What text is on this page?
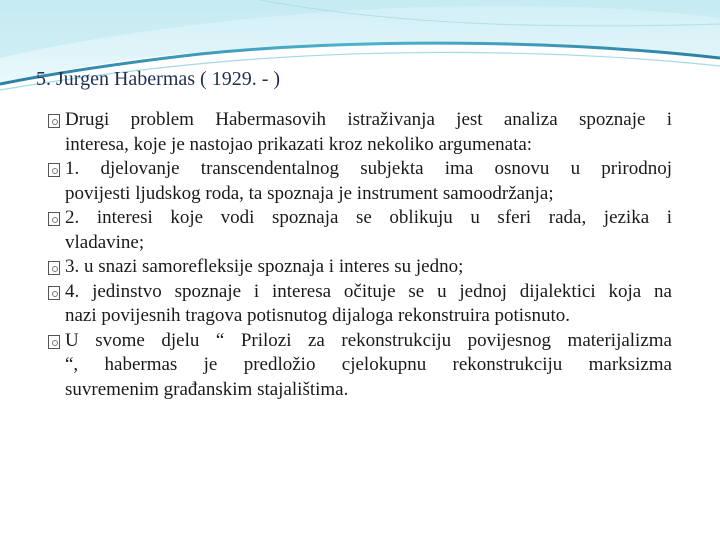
5. Jurgen Habermas ( 1929. - )

Drugi problem Habermasovih istraživanja jest analiza spoznaje i
interesa, koje je nastojao prikazati kroz nekoliko argumenata:

1. djelovanje transcendentalnog subjekta ima osnovu u prirodnoj
povijesti ljudskog roda, ta spoznaja je instrument samoodržanja;

2. interesi koje vodi spoznaja se oblikuju u sferi rada, jezika i
vladavine;

3. u snazi samorefleksije spoznaja i interes su jedno;

4. jedinstvo spoznaje i interesa očituje se u jednoj dijalektici koja na
nazi povijesnih tragova potisnutog dijaloga rekonstruira potisnuto.

U svome djelu “ Prilozi za rekonstrukciju povijesnog materijalizma
“, habermas je predložio cjelokupnu rekonstrukciju marksizma
suvremenim građanskim stajalištima.
